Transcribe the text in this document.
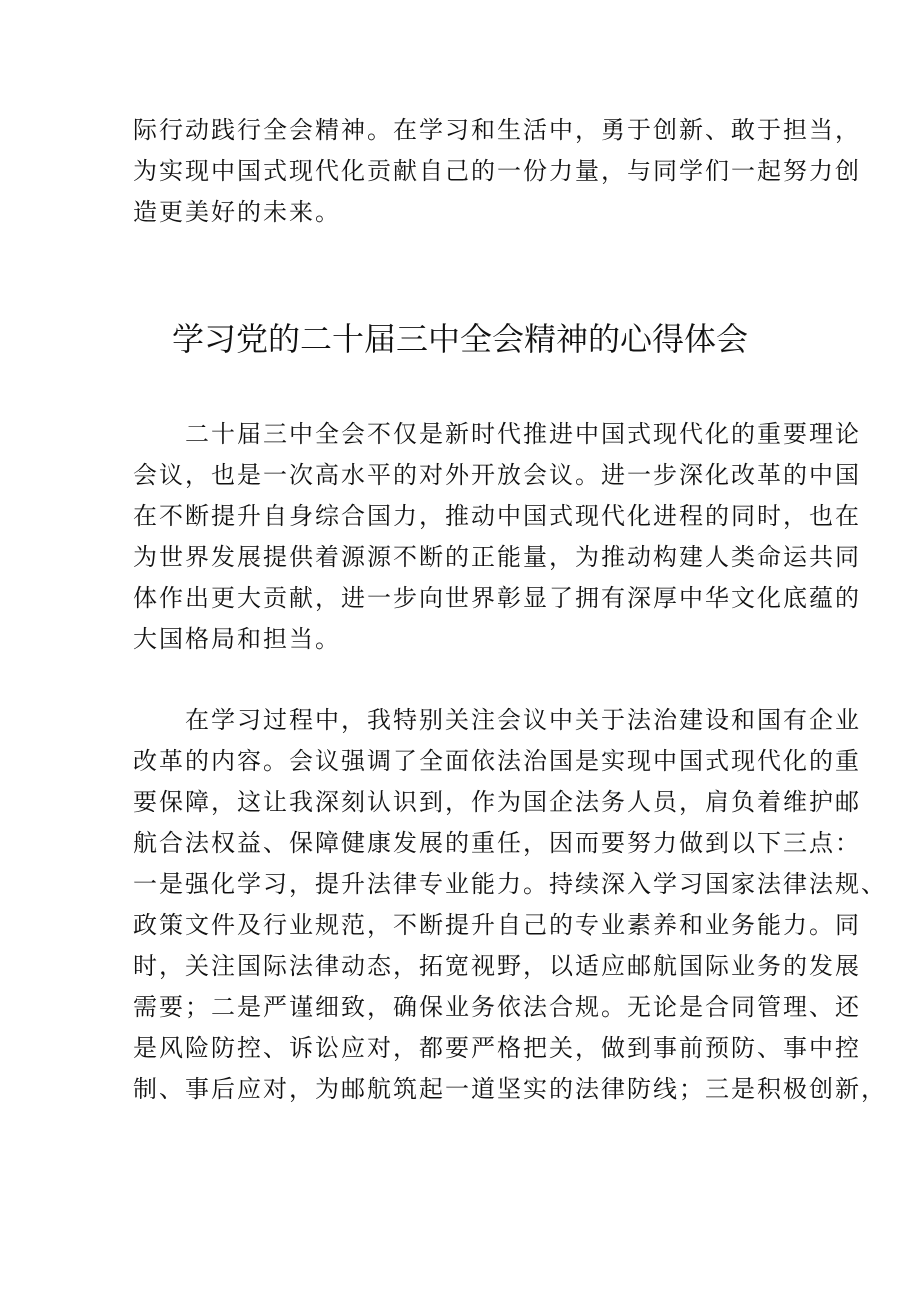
际行动践行全会精神。在学习和生活中，勇于创新、敢于担当，
为实现中国式现代化贡献自己的一份力量，与同学们一起努力创
造更美好的未来。
学习党的二十届三中全会精神的心得体会
二十届三中全会不仅是新时代推进中国式现代化的重要理论
会议，也是一次高水平的对外开放会议。进一步深化改革的中国
在不断提升自身综合国力，推动中国式现代化进程的同时，也在
为世界发展提供着源源不断的正能量，为推动构建人类命运共同
体作出更大贡献，进一步向世界彰显了拥有深厚中华文化底蕴的
大国格局和担当。
在学习过程中，我特别关注会议中关于法治建设和国有企业
改革的内容。会议强调了全面依法治国是实现中国式现代化的重
要保障，这让我深刻认识到，作为国企法务人员，肩负着维护邮
航合法权益、保障健康发展的重任，因而要努力做到以下三点：
一是强化学习，提升法律专业能力。持续深入学习国家法律法规、
政策文件及行业规范，不断提升自己的专业素养和业务能力。同
时，关注国际法律动态，拓宽视野，以适应邮航国际业务的发展
需要；二是严谨细致，确保业务依法合规。无论是合同管理、还
是风险防控、诉讼应对，都要严格把关，做到事前预防、事中控
制、事后应对，为邮航筑起一道坚实的法律防线；三是积极创新，
